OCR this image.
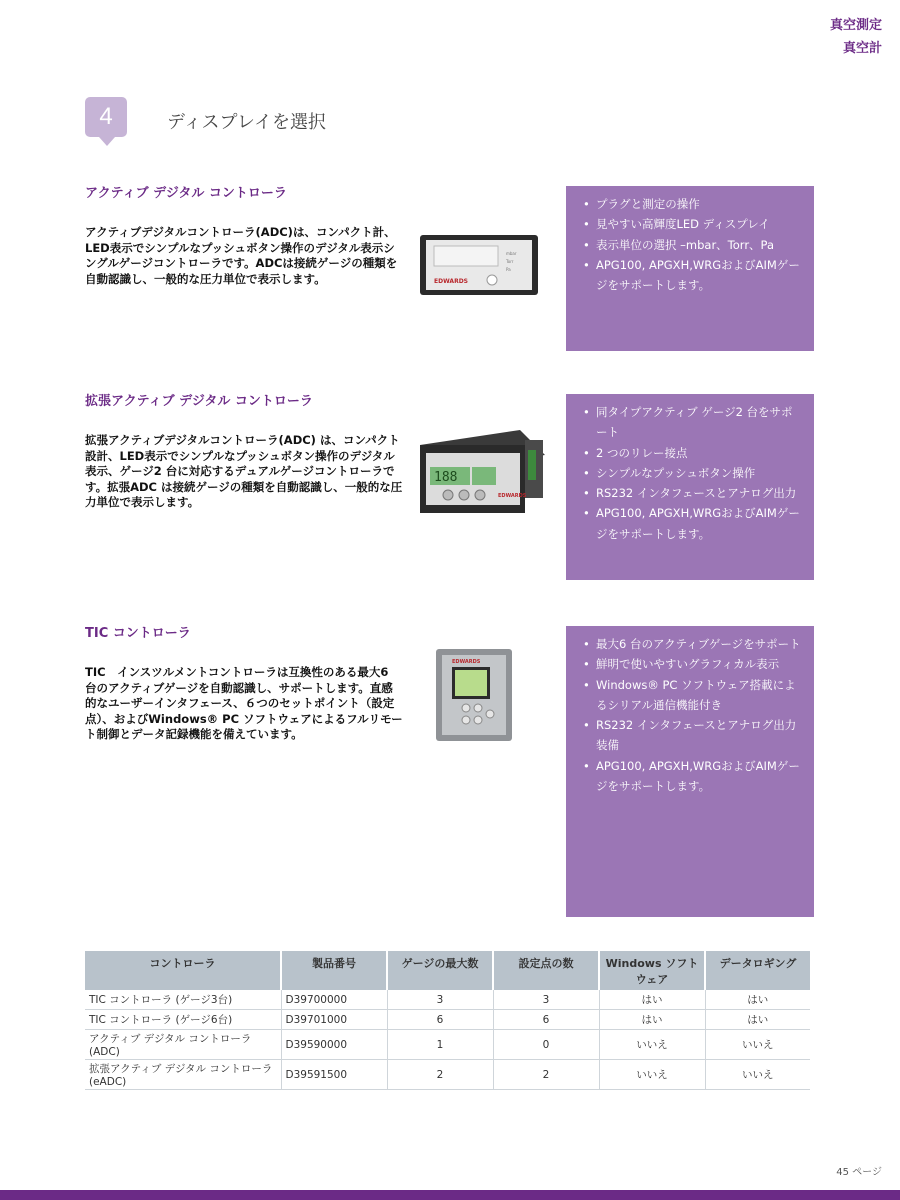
真空測定
真空計
4	ディスプレイを選択
アクティブ デジタル コントローラ
アクティブデジタルコントローラ(ADC)は、コンパクト計、LED表示でシンプルなプッシュボタン操作のデジタル表示シングルゲージコントローラです。ADCは接続ゲージの種類を自動認識し、一般的な圧力単位で表示します。
mbar
Torr
Pa
EDWARDS
• プラグと測定の操作
• 見やすい高輝度LED ディスプレイ
• 表示単位の選択 –mbar、Torr、Pa
• APG100, APGXH,WRGおよびAIMゲージをサポートします。
拡張アクティブ デジタル コントローラ
拡張アクティブデジタルコントローラ(ADC) は、コンパクト設計、LED表示でシンプルなプッシュボタン操作のデジタル表示、ゲージ2 台に対応するデュアルゲージコントローラです。拡張ADC は接続ゲージの種類を自動認識し、一般的な圧力単位で表示します。
188
EDWARDS
• 同タイプアクティブ ゲージ2 台をサポート
• 2 つのリレー接点
• シンプルなプッシュボタン操作
• RS232 インタフェースとアナログ出力
• APG100, APGXH,WRGおよびAIMゲージをサポートします。
TIC コントローラ
TIC　インスツルメントコントローラは互換性のある最大6　台のアクティブゲージを自動認識し、サポートします。直感的なユーザーインタフェース、６つのセットポイント（設定点）、およびWindows® PC ソフトウェアによるフルリモート制御とデータ記録機能を備えています。
EDWARDS
• 最大6 台のアクティブゲージをサポート
• 鮮明で使いやすいグラフィカル表示
• Windows® PC ソフトウェア搭載によるシリアル通信機能付き
• RS232 インタフェースとアナログ出力装備
• APG100, APGXH,WRGおよびAIMゲージをサポートします。
コントローラ	製品番号	ゲージの最大数	設定点の数	Windows ソフトウェア	データロギング
TIC コントローラ (ゲージ3台)	D39700000	3	3	はい	はい
TIC コントローラ (ゲージ6台)	D39701000	6	6	はい	はい
アクティブ デジタル コントローラ(ADC)	D39590000	1	0	いいえ	いいえ
拡張アクティブ デジタル コントローラ (eADC)	D39591500	2	2	いいえ	いいえ
45 ページ
